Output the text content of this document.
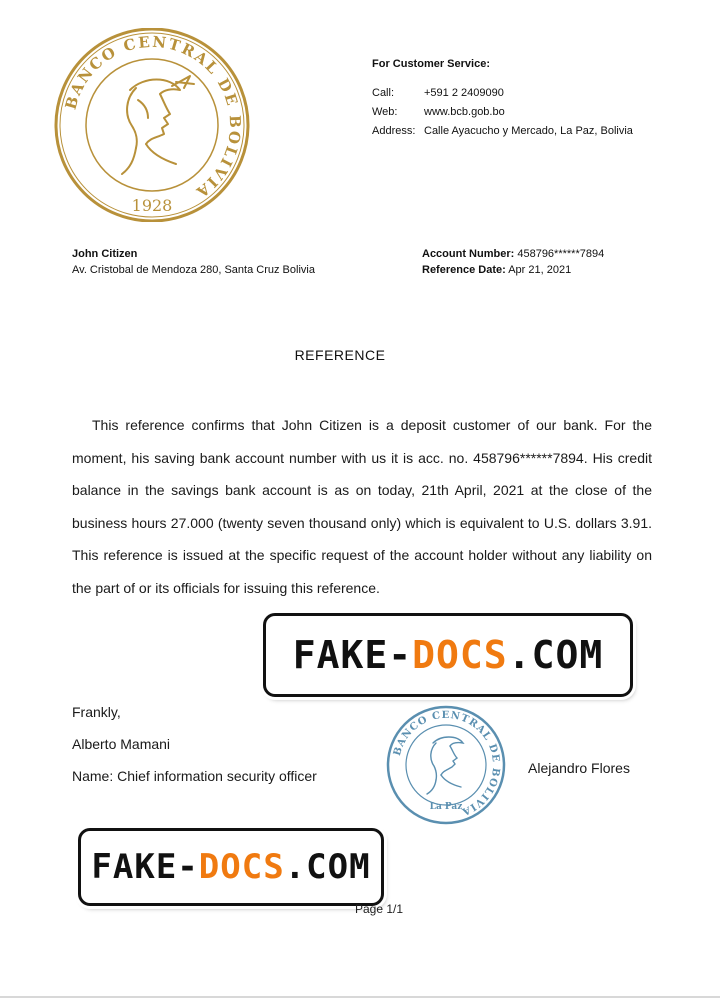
BANCO CENTRAL DE BOLIVIA
1928
For Customer Service:
Call:	+591 2 2409090
Web:	www.bcb.gob.bo
Address: Calle Ayacucho y Mercado, La Paz, Bolivia
John Citizen
Av. Cristobal de Mendoza 280, Santa Cruz Bolivia
Account Number: 458796******7894
Reference Date: Apr 21, 2021
REFERENCE

This reference confirms that John Citizen is a deposit customer of our bank. For the moment, his saving bank account number with us it is acc. no. 458796******7894. His credit balance in the savings bank account is as on today, 21th April, 2021 at the close of the business hours 27.000 (twenty seven thousand only) which is equivalent to U.S. dollars 3.91. This reference is issued at the specific request of the account holder without any liability on the part of or its officials for issuing this reference.

FAKE- DOCS .COM
Frankly,
Alberto Mamani
Name: Chief information security officer
BANCO CENTRAL DE BOLIVIA
La Paz
Alejandro Flores
FAKE- DOCS .COM
Page 1/1
